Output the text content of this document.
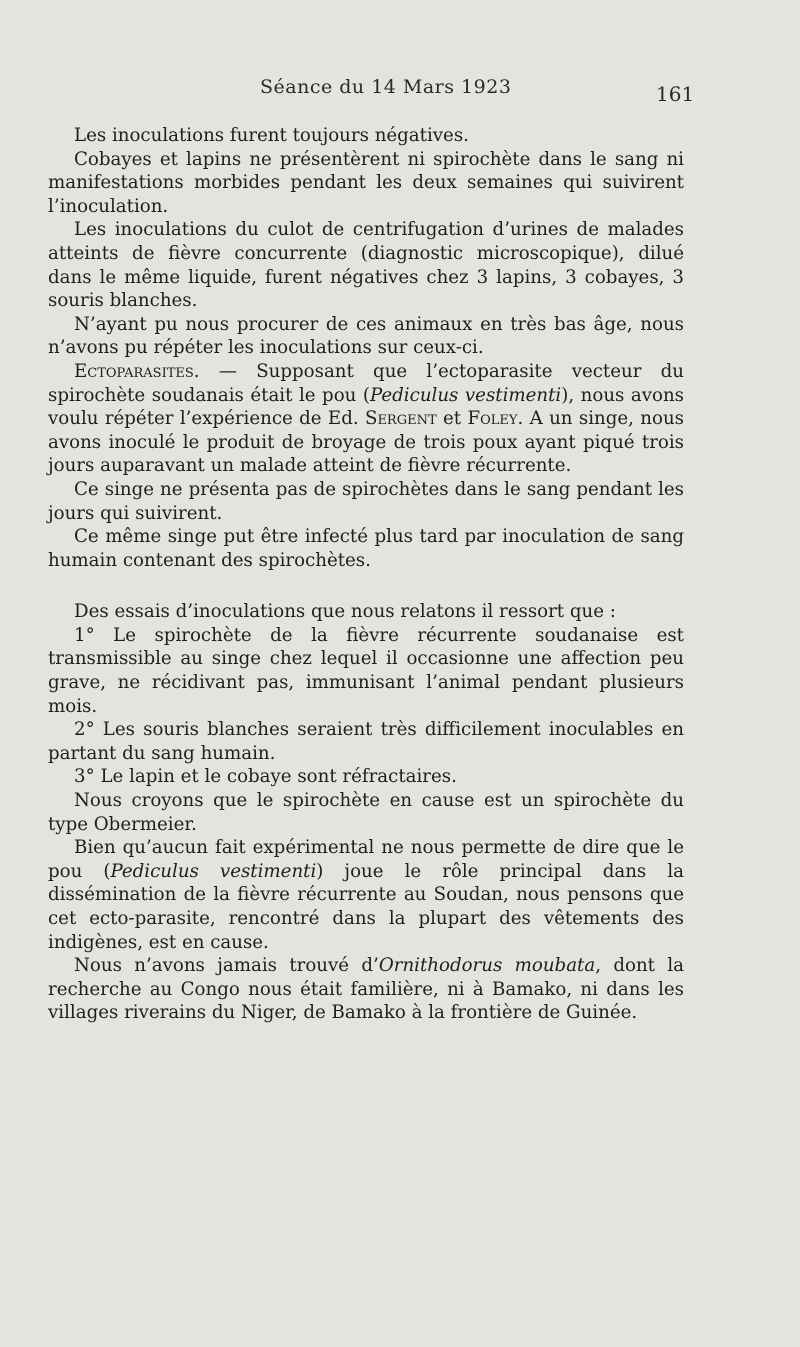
Séance du 14 Mars 1923	161

Les inoculations furent toujours négatives.

Cobayes et lapins ne présentèrent ni spirochète dans le sang ni manifestations morbides pendant les deux semaines qui suivirent l’inoculation.

Les inoculations du culot de centrifugation d’urines de malades atteints de fièvre concurrente (diagnostic microscopique), dilué dans le même liquide, furent négatives chez 3 lapins, 3 cobayes, 3 souris blanches.

N’ayant pu nous procurer de ces animaux en très bas âge, nous n’avons pu répéter les inoculations sur ceux-ci.

Ectoparasites. — Supposant que l’ectoparasite vecteur du spirochète soudanais était le pou (Pediculus vestimenti), nous avons voulu répéter l’expérience de Ed. Sergent et Foley. A un singe, nous avons inoculé le produit de broyage de trois poux ayant piqué trois jours auparavant un malade atteint de fièvre récurrente.

Ce singe ne présenta pas de spirochètes dans le sang pendant les jours qui suivirent.

Ce même singe put être infecté plus tard par inoculation de sang humain contenant des spirochètes.

Des essais d’inoculations que nous relatons il ressort que :

1° Le spirochète de la fièvre récurrente soudanaise est transmissible au singe chez lequel il occasionne une affection peu grave, ne récidivant pas, immunisant l’animal pendant plusieurs mois.

2° Les souris blanches seraient très difficilement inoculables en partant du sang humain.

3° Le lapin et le cobaye sont réfractaires.

Nous croyons que le spirochète en cause est un spirochète du type Obermeier.

Bien qu’aucun fait expérimental ne nous permette de dire que le pou (Pediculus vestimenti) joue le rôle principal dans la dissémination de la fièvre récurrente au Soudan, nous pensons que cet ecto-parasite, rencontré dans la plupart des vêtements des indigènes, est en cause.

Nous n’avons jamais trouvé d’Ornithodorus moubata, dont la recherche au Congo nous était familière, ni à Bamako, ni dans les villages riverains du Niger, de Bamako à la frontière de Guinée.
